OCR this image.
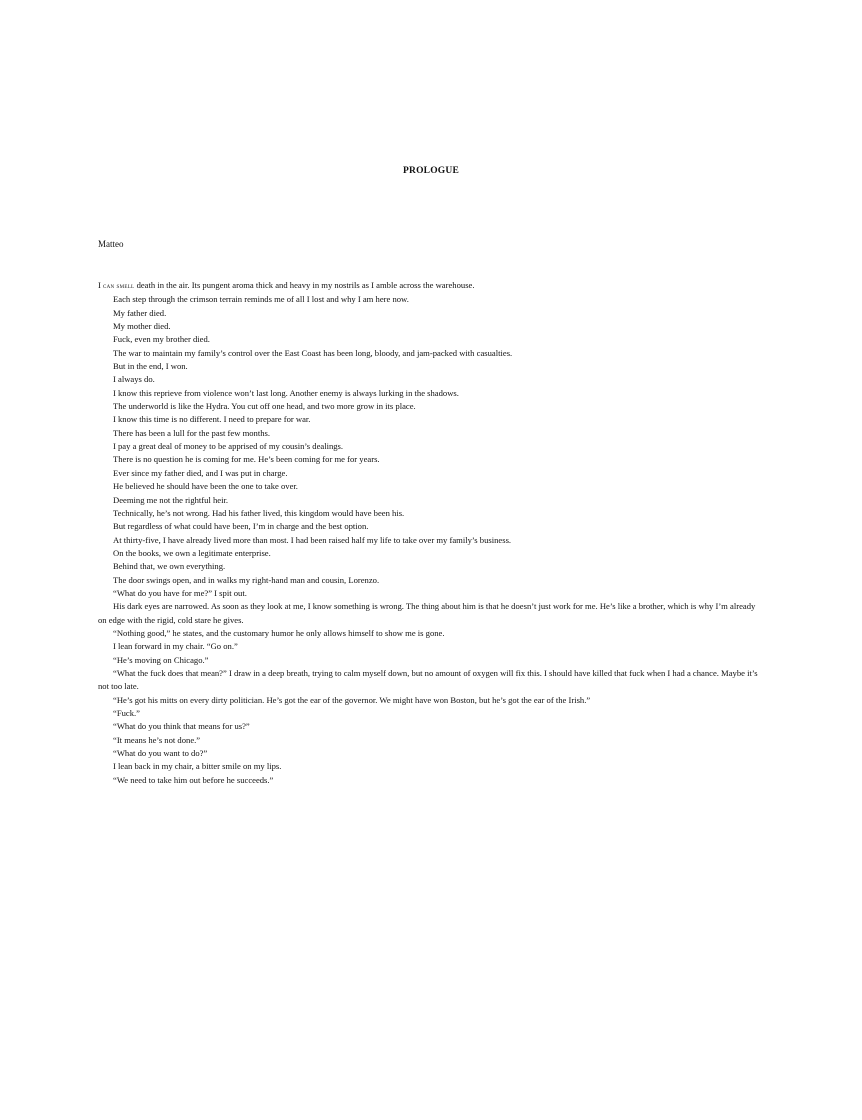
PROLOGUE

Matteo

I can smell death in the air. Its pungent aroma thick and heavy in my nostrils as I amble across the warehouse.

Each step through the crimson terrain reminds me of all I lost and why I am here now.

My father died.

My mother died.

Fuck, even my brother died.

The war to maintain my family’s control over the East Coast has been long, bloody, and jam-packed with casualties.

But in the end, I won.

I always do.

I know this reprieve from violence won’t last long. Another enemy is always lurking in the shadows.

The underworld is like the Hydra. You cut off one head, and two more grow in its place.

I know this time is no different. I need to prepare for war.

There has been a lull for the past few months.

I pay a great deal of money to be apprised of my cousin’s dealings.

There is no question he is coming for me. He’s been coming for me for years.

Ever since my father died, and I was put in charge.

He believed he should have been the one to take over.

Deeming me not the rightful heir.

Technically, he’s not wrong. Had his father lived, this kingdom would have been his.

But regardless of what could have been, I’m in charge and the best option.

At thirty-five, I have already lived more than most. I had been raised half my life to take over my family’s business.

On the books, we own a legitimate enterprise.

Behind that, we own everything.

The door swings open, and in walks my right-hand man and cousin, Lorenzo.

“What do you have for me?” I spit out.

His dark eyes are narrowed. As soon as they look at me, I know something is wrong. The thing about him is that he doesn’t just work for me. He’s like a brother, which is why I’m already on edge with the rigid, cold stare he gives.

“Nothing good,” he states, and the customary humor he only allows himself to show me is gone.

I lean forward in my chair. “Go on.”

“He’s moving on Chicago.”

“What the fuck does that mean?” I draw in a deep breath, trying to calm myself down, but no amount of oxygen will fix this. I should have killed that fuck when I had a chance. Maybe it’s not too late.

“He’s got his mitts on every dirty politician. He’s got the ear of the governor. We might have won Boston, but he’s got the ear of the Irish.”

“Fuck.”

“What do you think that means for us?”

“It means he’s not done.”

“What do you want to do?”

I lean back in my chair, a bitter smile on my lips.

“We need to take him out before he succeeds.”
